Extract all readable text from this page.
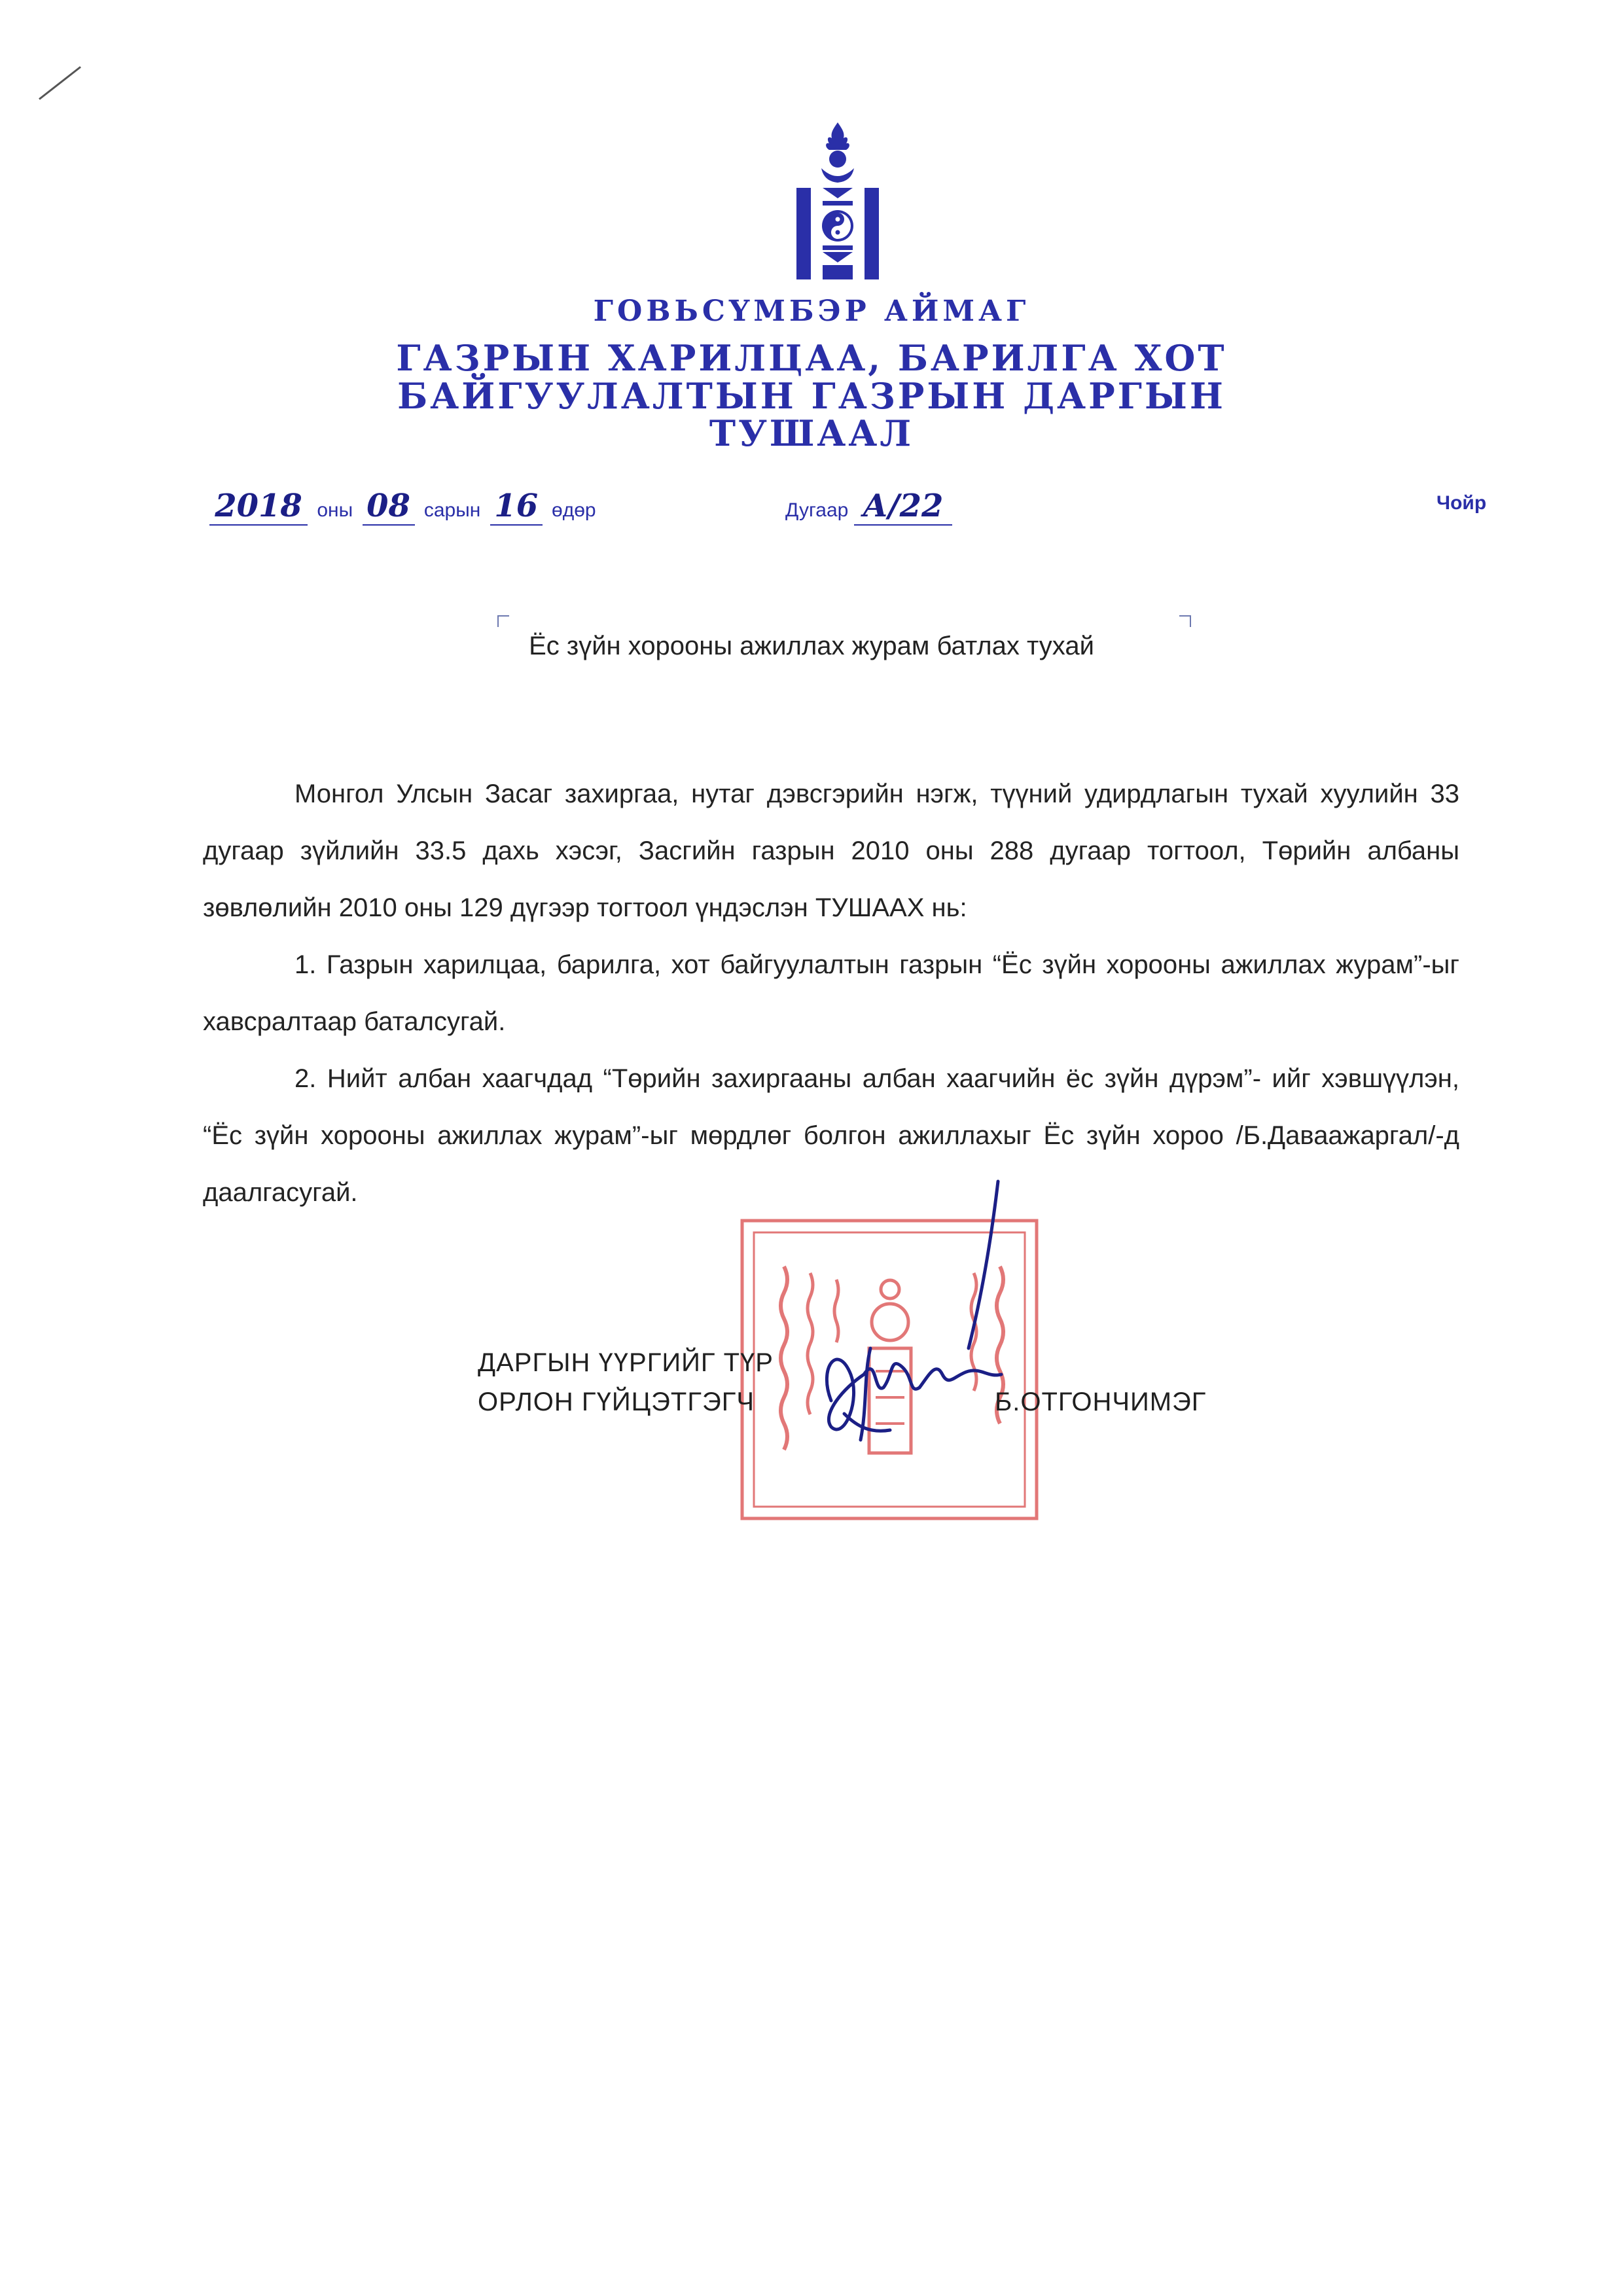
ГОВЬСҮМБЭР АЙМАГ
ГАЗРЫН ХАРИЛЦАА, БАРИЛГА ХОТ
БАЙГУУЛАЛТЫН ГАЗРЫН ДАРГЫН
ТУШААЛ
2018 оны 08 сарын 16 өдөр	Дугаар А/22	Чойр
Ёс зүйн хорооны ажиллах журам батлах тухай

Монгол Улсын Засаг захиргаа, нутаг дэвсгэрийн нэгж, түүний удирдлагын тухай хуулийн 33 дугаар зүйлийн 33.5 дахь хэсэг, Засгийн газрын 2010 оны 288 дугаар тогтоол, Төрийн албаны зөвлөлийн 2010 оны 129 дүгээр тогтоол үндэслэн ТУШААХ нь:

1. Газрын харилцаа, барилга, хот байгуулалтын газрын “Ёс зүйн хорооны ажиллах журам”-ыг хавсралтаар баталсугай.

2. Нийт албан хаагчдад “Төрийн захиргааны албан хаагчийн ёс зүйн дүрэм”- ийг хэвшүүлэн, “Ёс зүйн хорооны ажиллах журам”-ыг мөрдлөг болгон ажиллахыг Ёс зүйн хороо /Б.Даваажаргал/-д даалгасугай.

ДАРГЫН ҮҮРГИЙГ ТҮР
ОРЛОН ГҮЙЦЭТГЭГЧ	Б.ОТГОНЧИМЭГ
